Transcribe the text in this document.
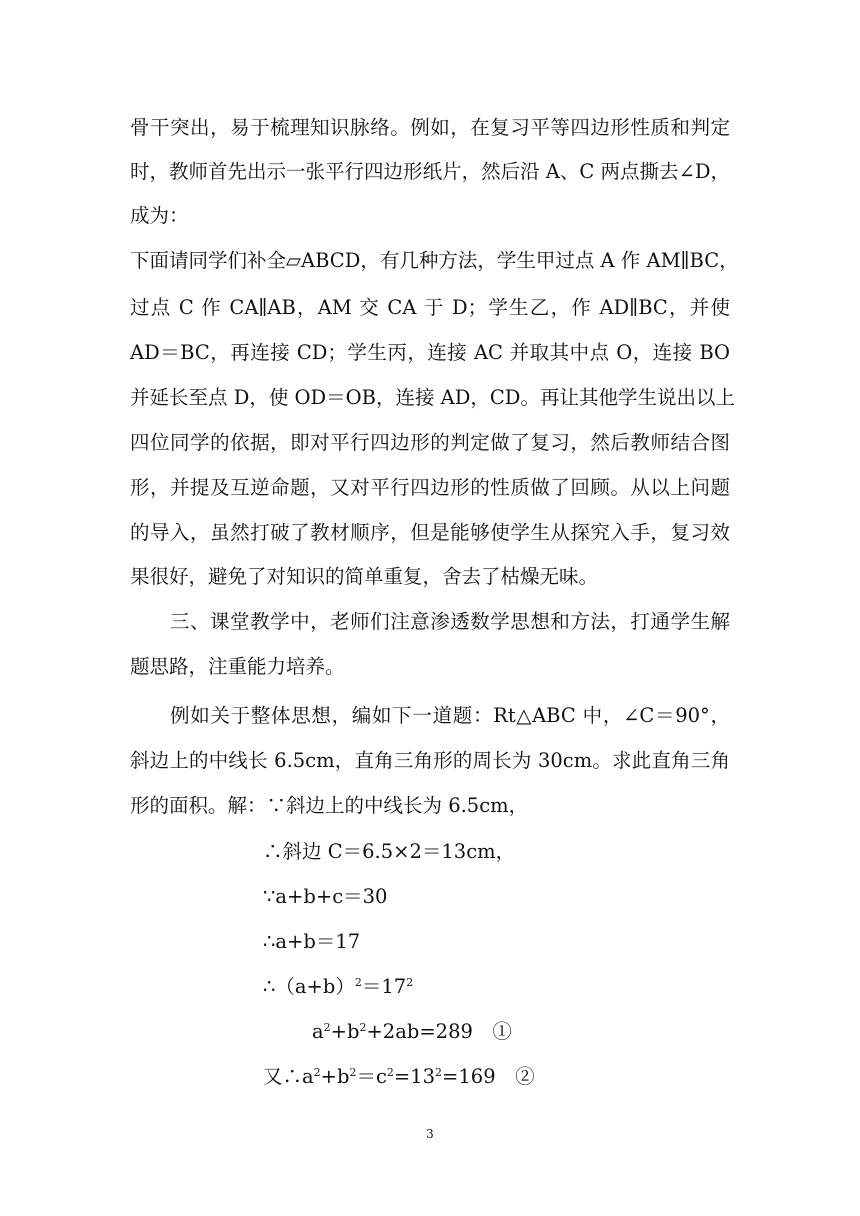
骨干突出，易于梳理知识脉络。例如，在复习平等四边形性质和判定
时，教师首先出示一张平行四边形纸片，然后沿 A、C 两点撕去∠D，
成为：
下面请同学们补全▱ABCD，有几种方法，学生甲过点 A 作 AM∥BC，
过点 C 作 CA∥AB，AM 交 CA 于 D；学生乙，作 AD∥BC，并使
AD＝BC，再连接 CD；学生丙，连接 AC 并取其中点 O，连接 BO
并延长至点 D，使 OD＝OB，连接 AD，CD。再让其他学生说出以上
四位同学的依据，即对平行四边形的判定做了复习，然后教师结合图
形，并提及互逆命题，又对平行四边形的性质做了回顾。从以上问题
的导入，虽然打破了教材顺序，但是能够使学生从探究入手，复习效
果很好，避免了对知识的简单重复，舍去了枯燥无味。
三、课堂教学中，老师们注意渗透数学思想和方法，打通学生解
题思路，注重能力培养。
例如关于整体思想，编如下一道题：Rt△ABC 中，∠C＝90°，
斜边上的中线长 6.5cm，直角三角形的周长为 30cm。求此直角三角
形的面积。解：∵斜边上的中线长为 6.5cm，
∴斜边 C＝6.5×2＝13cm，
∵a+b+c＝30
∴a+b＝17
$\therefore(a+b)^2=17^2$
$a^2+b^2+2ab=289$　①
又$\therefore a^2+b^2=c^2=13^2=169$　②
3
